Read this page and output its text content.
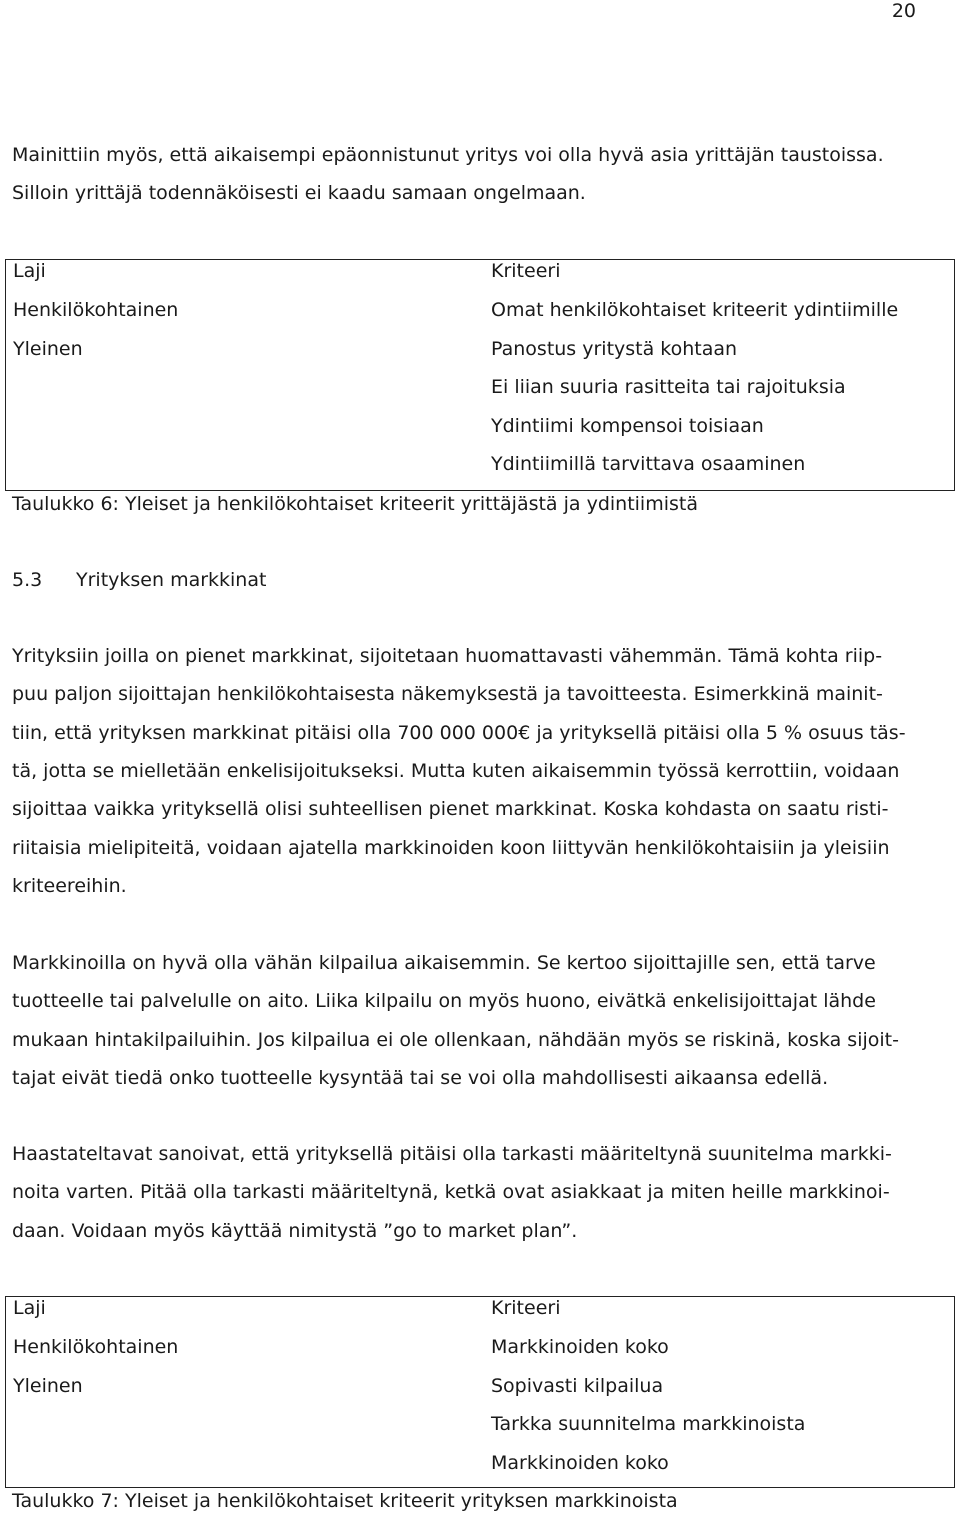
20
Mainittiin myös, että aikaisempi epäonnistunut yritys voi olla hyvä asia yrittäjän taustoissa.
Silloin yrittäjä todennäköisesti ei kaadu samaan ongelmaan.
Laji	Kriteeri
Henkilökohtainen
Yleinen
Omat henkilökohtaiset kriteerit ydintiimille
Panostus yritystä kohtaan
Ei liian suuria rasitteita tai rajoituksia
Ydintiimi kompensoi toisiaan
Ydintiimillä tarvittava osaaminen
Taulukko 6: Yleiset ja henkilökohtaiset kriteerit yrittäjästä ja ydintiimistä
5.3 Yrityksen markkinat
Yrityksiin joilla on pienet markkinat, sijoitetaan huomattavasti vähemmän. Tämä kohta riip-
puu paljon sijoittajan henkilökohtaisesta näkemyksestä ja tavoitteesta. Esimerkkinä mainit-
tiin, että yrityksen markkinat pitäisi olla 700 000 000€ ja yrityksellä pitäisi olla 5 % osuus täs-
tä, jotta se mielletään enkelisijoitukseksi. Mutta kuten aikaisemmin työssä kerrottiin, voidaan
sijoittaa vaikka yrityksellä olisi suhteellisen pienet markkinat. Koska kohdasta on saatu risti-
riitaisia mielipiteitä, voidaan ajatella markkinoiden koon liittyvän henkilökohtaisiin ja yleisiin
kriteereihin.
Markkinoilla on hyvä olla vähän kilpailua aikaisemmin. Se kertoo sijoittajille sen, että tarve
tuotteelle tai palvelulle on aito. Liika kilpailu on myös huono, eivätkä enkelisijoittajat lähde
mukaan hintakilpailuihin. Jos kilpailua ei ole ollenkaan, nähdään myös se riskinä, koska sijoit-
tajat eivät tiedä onko tuotteelle kysyntää tai se voi olla mahdollisesti aikaansa edellä.
Haastateltavat sanoivat, että yrityksellä pitäisi olla tarkasti määriteltynä suunitelma markki-
noita varten. Pitää olla tarkasti määriteltynä, ketkä ovat asiakkaat ja miten heille markkinoi-
daan. Voidaan myös käyttää nimitystä ”go to market plan”.
Laji	Kriteeri
Henkilökohtainen
Yleinen
Markkinoiden koko
Sopivasti kilpailua
Tarkka suunnitelma markkinoista
Markkinoiden koko
Taulukko 7: Yleiset ja henkilökohtaiset kriteerit yrityksen markkinoista
